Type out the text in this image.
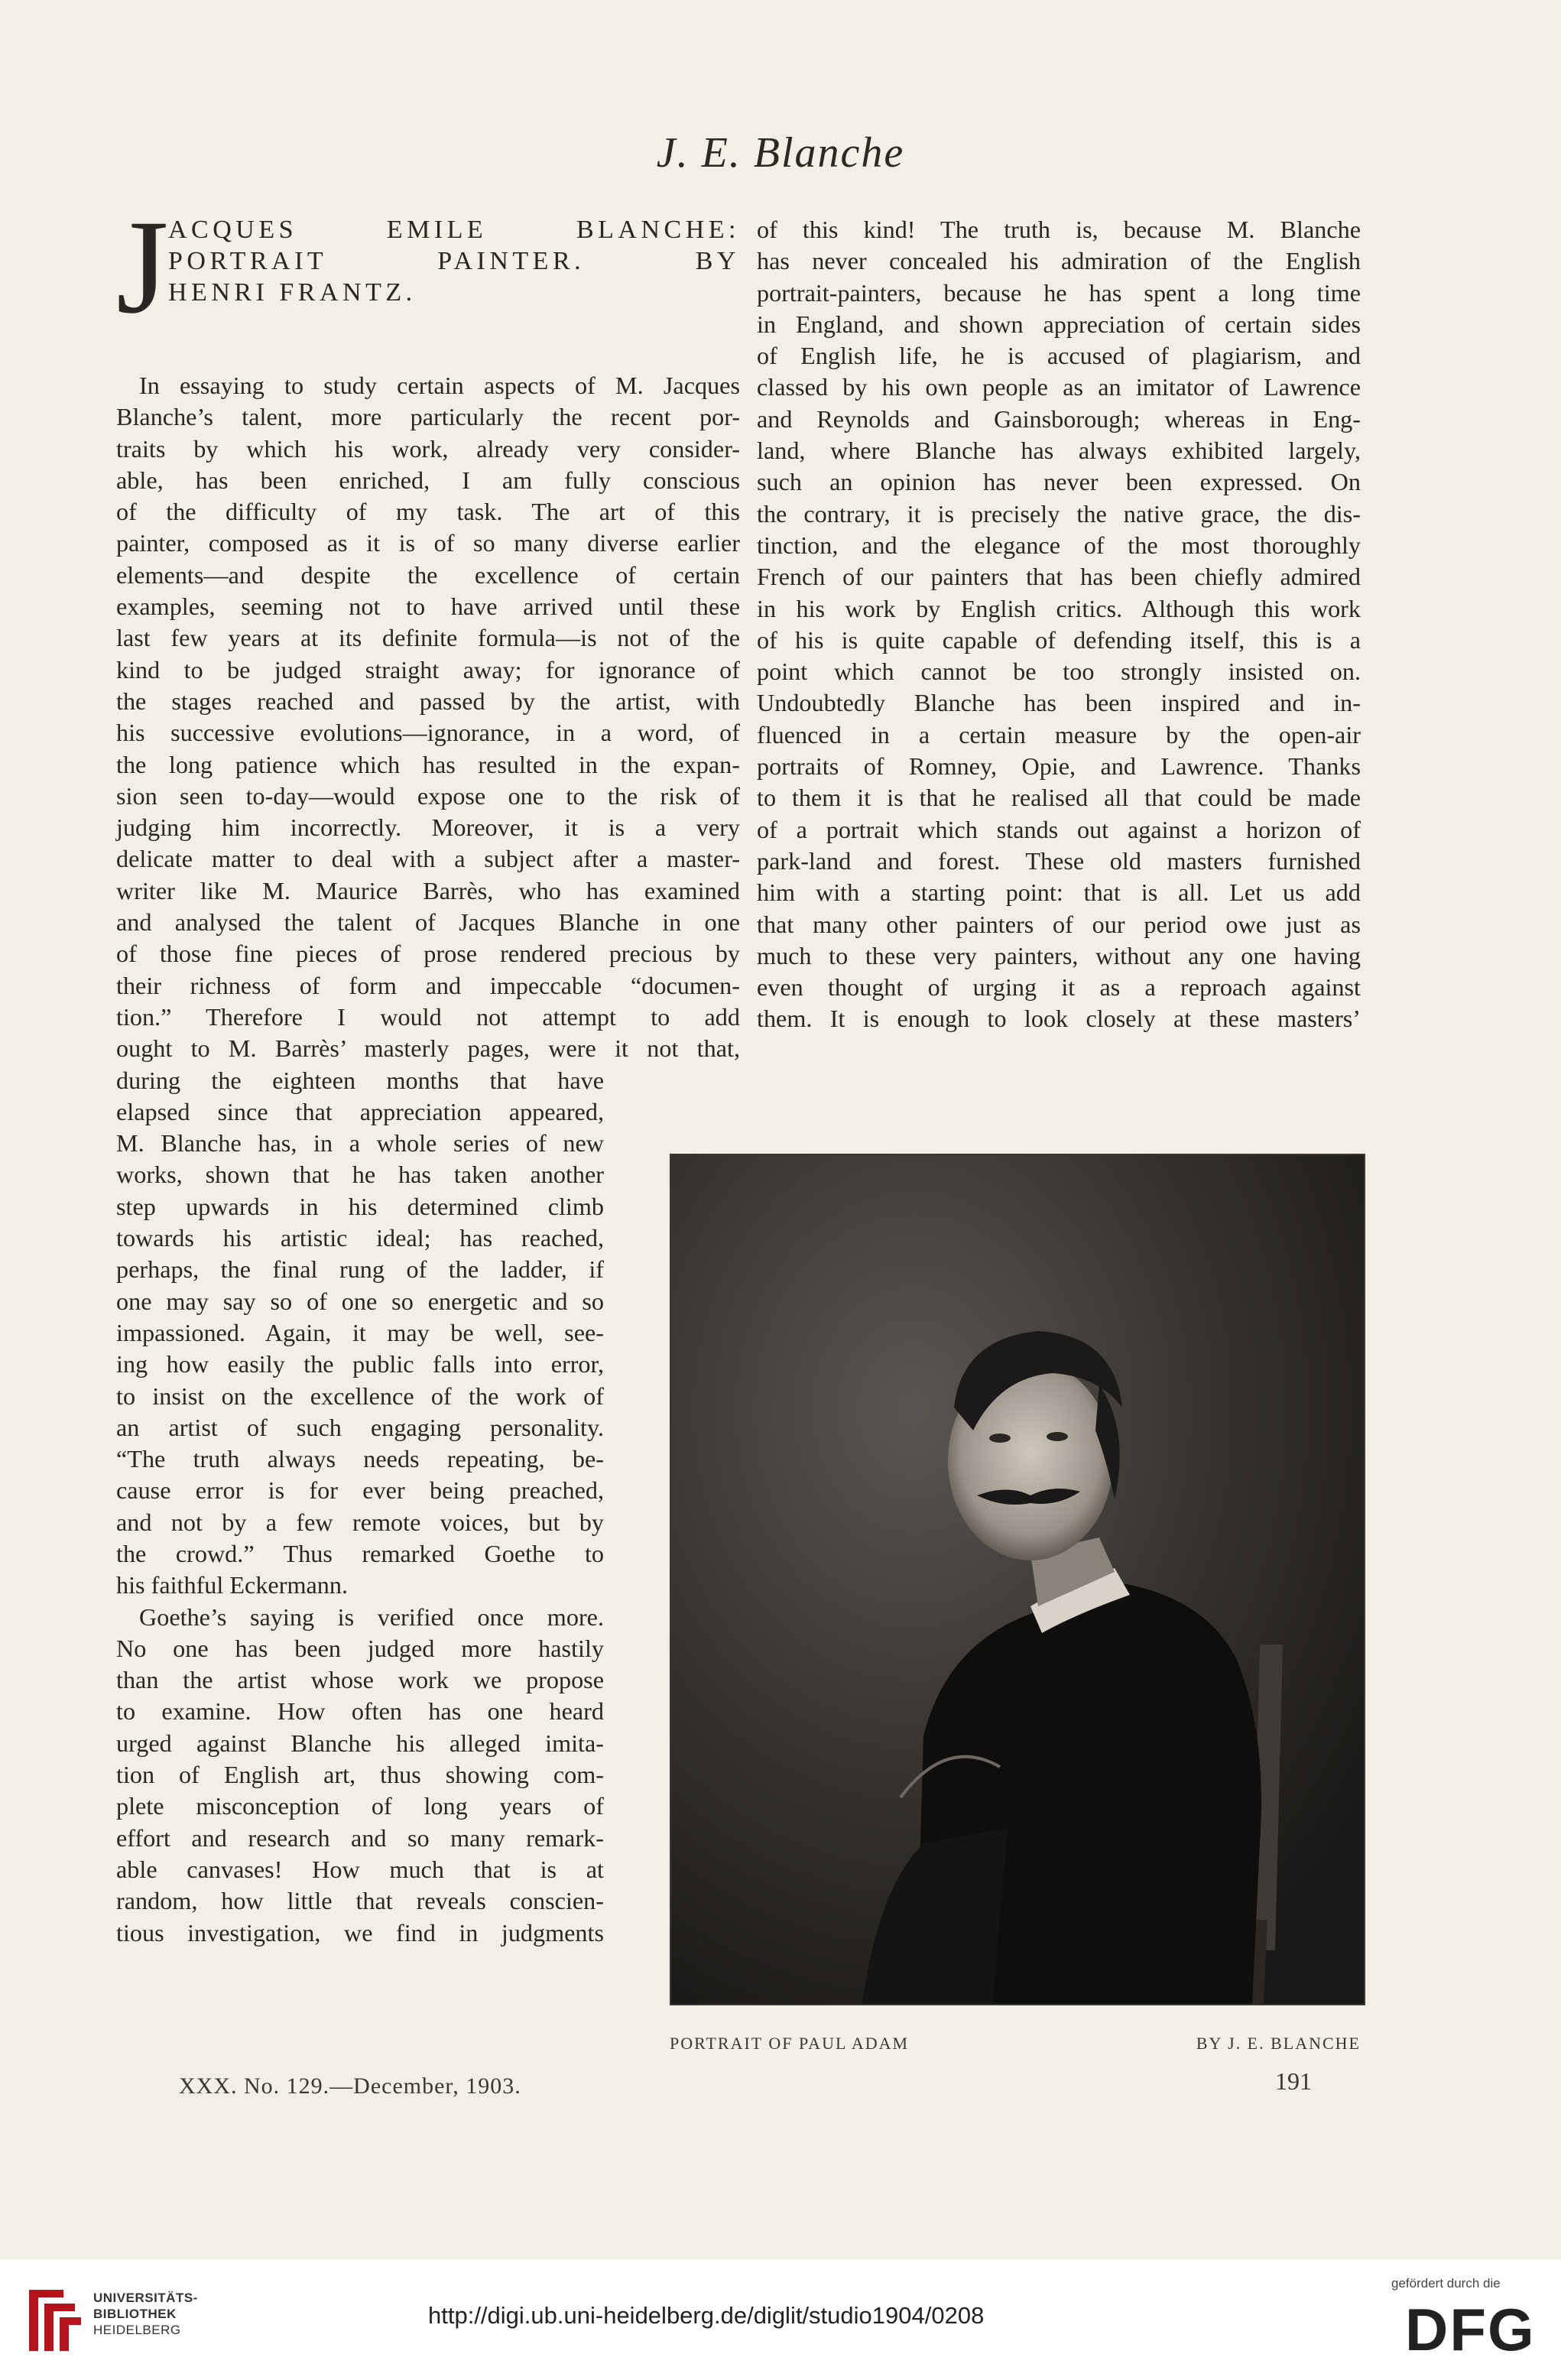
J. E. Blanche
J ACQUES EMILE BLANCHE:
PORTRAIT PAINTER. BY
HENRI FRANTZ.
In essaying to study certain aspects of M. Jacques
Blanche’s talent, more particularly the recent por-
traits by which his work, already very consider-
able, has been enriched, I am fully conscious
of the difficulty of my task. The art of this
painter, composed as it is of so many diverse earlier
elements—and despite the excellence of certain
examples, seeming not to have arrived until these
last few years at its definite formula—is not of the
kind to be judged straight away; for ignorance of
the stages reached and passed by the artist, with
his successive evolutions—ignorance, in a word, of
the long patience which has resulted in the expan-
sion seen to-day—would expose one to the risk of
judging him incorrectly. Moreover, it is a very
delicate matter to deal with a subject after a master-
writer like M. Maurice Barrès, who has examined
and analysed the talent of Jacques Blanche in one
of those fine pieces of prose rendered precious by
their richness of form and impeccable “documen-
tion.” Therefore I would not attempt to add
ought to M. Barrès’ masterly pages, were it not that,
during the eighteen months that have
elapsed since that appreciation appeared,
M. Blanche has, in a whole series of new
works, shown that he has taken another
step upwards in his determined climb
towards his artistic ideal; has reached,
perhaps, the final rung of the ladder, if
one may say so of one so energetic and so
impassioned. Again, it may be well, see-
ing how easily the public falls into error,
to insist on the excellence of the work of
an artist of such engaging personality.
“The truth always needs repeating, be-
cause error is for ever being preached,
and not by a few remote voices, but by
the crowd.” Thus remarked Goethe to
his faithful Eckermann.
Goethe’s saying is verified once more.
No one has been judged more hastily
than the artist whose work we propose
to examine. How often has one heard
urged against Blanche his alleged imita-
tion of English art, thus showing com-
plete misconception of long years of
effort and research and so many remark-
able canvases! How much that is at
random, how little that reveals conscien-
tious investigation, we find in judgments
of this kind! The truth is, because M. Blanche
has never concealed his admiration of the English
portrait-painters, because he has spent a long time
in England, and shown appreciation of certain sides
of English life, he is accused of plagiarism, and
classed by his own people as an imitator of Lawrence
and Reynolds and Gainsborough; whereas in Eng-
land, where Blanche has always exhibited largely,
such an opinion has never been expressed. On
the contrary, it is precisely the native grace, the dis-
tinction, and the elegance of the most thoroughly
French of our painters that has been chiefly admired
in his work by English critics. Although this work
of his is quite capable of defending itself, this is a
point which cannot be too strongly insisted on.
Undoubtedly Blanche has been inspired and in-
fluenced in a certain measure by the open-air
portraits of Romney, Opie, and Lawrence. Thanks
to them it is that he realised all that could be made
of a portrait which stands out against a horizon of
park-land and forest. These old masters furnished
him with a starting point: that is all. Let us add
that many other painters of our period owe just as
much to these very painters, without any one having
even thought of urging it as a reproach against
them. It is enough to look closely at these masters’
PORTRAIT OF PAUL ADAM	BY J. E. BLANCHE
XXX. No. 129.—December, 1903.	191
UNIVERSITÄTS-
BIBLIOTHEK
HEIDELBERG
http://digi.ub.uni-heidelberg.de/diglit/studio1904/0208
gefördert durch die
DFG
